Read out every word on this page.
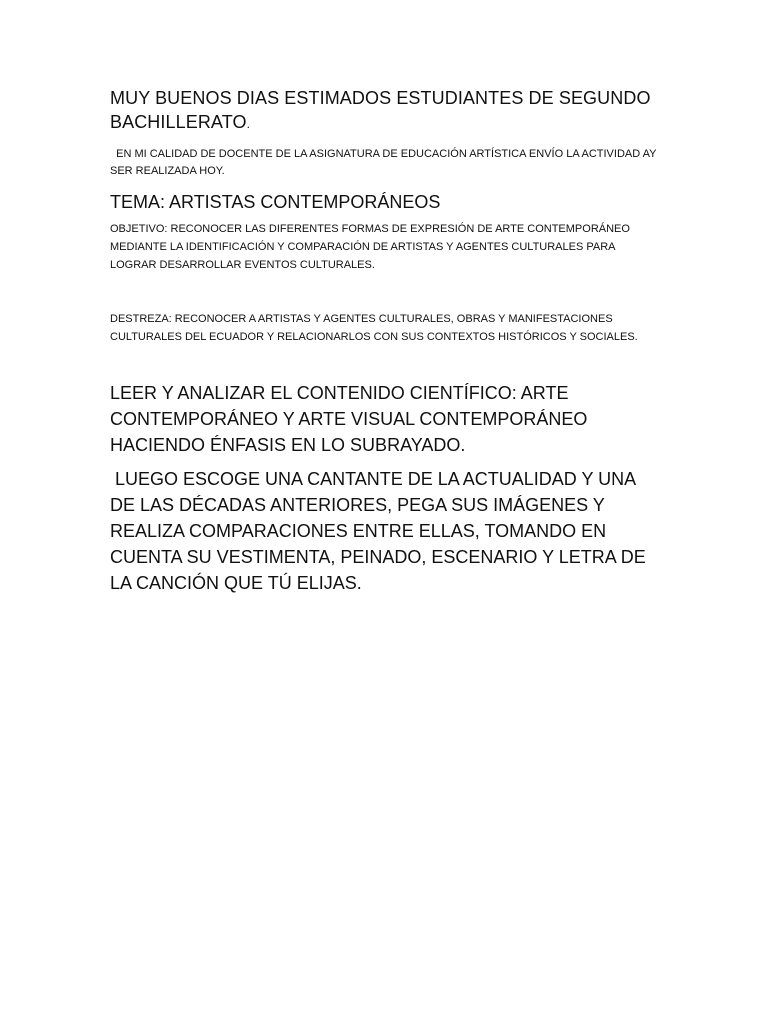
MUY BUENOS DIAS ESTIMADOS ESTUDIANTES DE SEGUNDO BACHILLERATO.

EN MI CALIDAD DE DOCENTE DE LA ASIGNATURA DE EDUCACIÓN ARTÍSTICA ENVÍO LA ACTIVIDAD AY SER REALIZADA HOY.

TEMA: ARTISTAS CONTEMPORÁNEOS

OBJETIVO: RECONOCER LAS DIFERENTES FORMAS DE EXPRESIÓN DE ARTE CONTEMPORÁNEO MEDIANTE LA IDENTIFICACIÓN Y COMPARACIÓN DE ARTISTAS Y AGENTES CULTURALES PARA LOGRAR DESARROLLAR EVENTOS CULTURALES.

DESTREZA: RECONOCER A ARTISTAS Y AGENTES CULTURALES, OBRAS Y MANIFESTACIONES CULTURALES DEL ECUADOR Y RELACIONARLOS CON SUS CONTEXTOS HISTÓRICOS Y SOCIALES.

LEER Y ANALIZAR EL CONTENIDO CIENTÍFICO: ARTE CONTEMPORÁNEO Y ARTE VISUAL CONTEMPORÁNEO HACIENDO ÉNFASIS EN LO SUBRAYADO.

LUEGO ESCOGE UNA CANTANTE DE LA ACTUALIDAD Y UNA DE LAS DÉCADAS ANTERIORES, PEGA SUS IMÁGENES Y REALIZA COMPARACIONES ENTRE ELLAS, TOMANDO EN CUENTA SU VESTIMENTA, PEINADO, ESCENARIO Y LETRA DE LA CANCIÓN QUE TÚ ELIJAS.
